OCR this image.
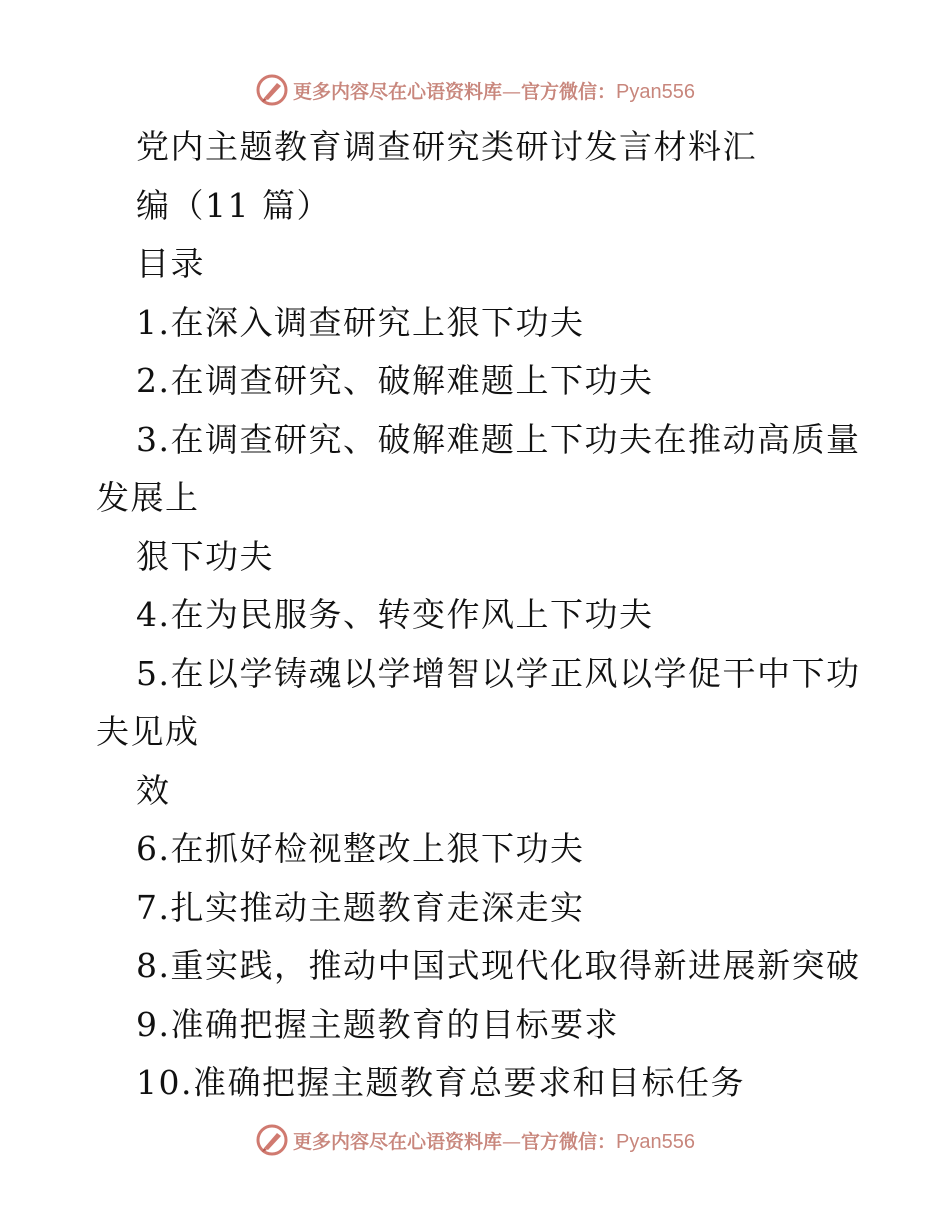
更多内容尽在心语资料库—官方微信：Pyan556
党内主题教育调查研究类研讨发言材料汇
编（11 篇）
目录
1.在深入调查研究上狠下功夫
2.在调查研究、破解难题上下功夫
3.在调查研究、破解难题上下功夫在推动高质量
发展上
狠下功夫
4.在为民服务、转变作风上下功夫
5.在以学铸魂以学增智以学正风以学促干中下功
夫见成
效
6.在抓好检视整改上狠下功夫
7.扎实推动主题教育走深走实
8.重实践，推动中国式现代化取得新进展新突破
9.准确把握主题教育的目标要求
10.准确把握主题教育总要求和目标任务
更多内容尽在心语资料库—官方微信：Pyan556
